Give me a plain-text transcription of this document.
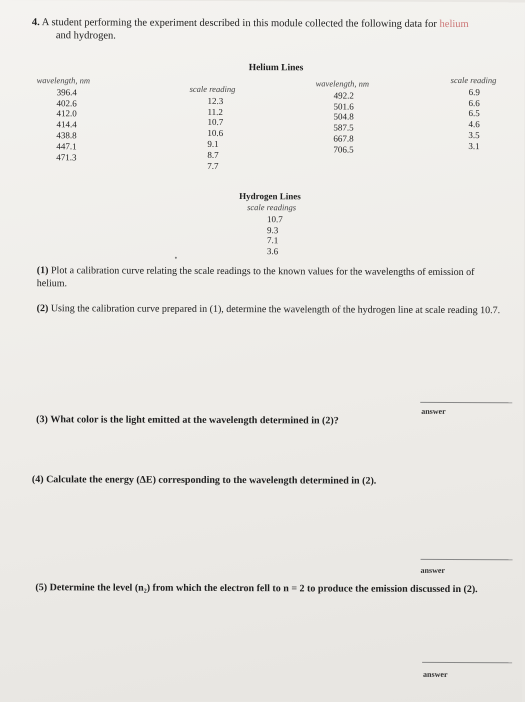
4. A student performing the experiment described in this module collected the following data for helium
and hydrogen.
Helium Lines
wavelength, nm
396.4
402.6
412.0
414.4
438.8
447.1
471.3
scale reading
12.3
11.2
10.7
10.6
9.1
8.7
7.7
wavelength, nm
492.2
501.6
504.8
587.5
667.8
706.5
scale reading
6.9
6.6
6.5
4.6
3.5
3.1
Hydrogen Lines
scale readings
10.7
9.3
7.1
3.6
(1) Plot a calibration curve relating the scale readings to the known values for the wavelengths of emission of helium.
(2) Using the calibration curve prepared in (1), determine the wavelength of the hydrogen line at scale reading 10.7.
answer
(3) What color is the light emitted at the wavelength determined in (2)?
(4) Calculate the energy (ΔE) corresponding to the wavelength determined in (2).
answer
(5) Determine the level (n₂) from which the electron fell to n = 2 to produce the emission discussed in (2).
answer
